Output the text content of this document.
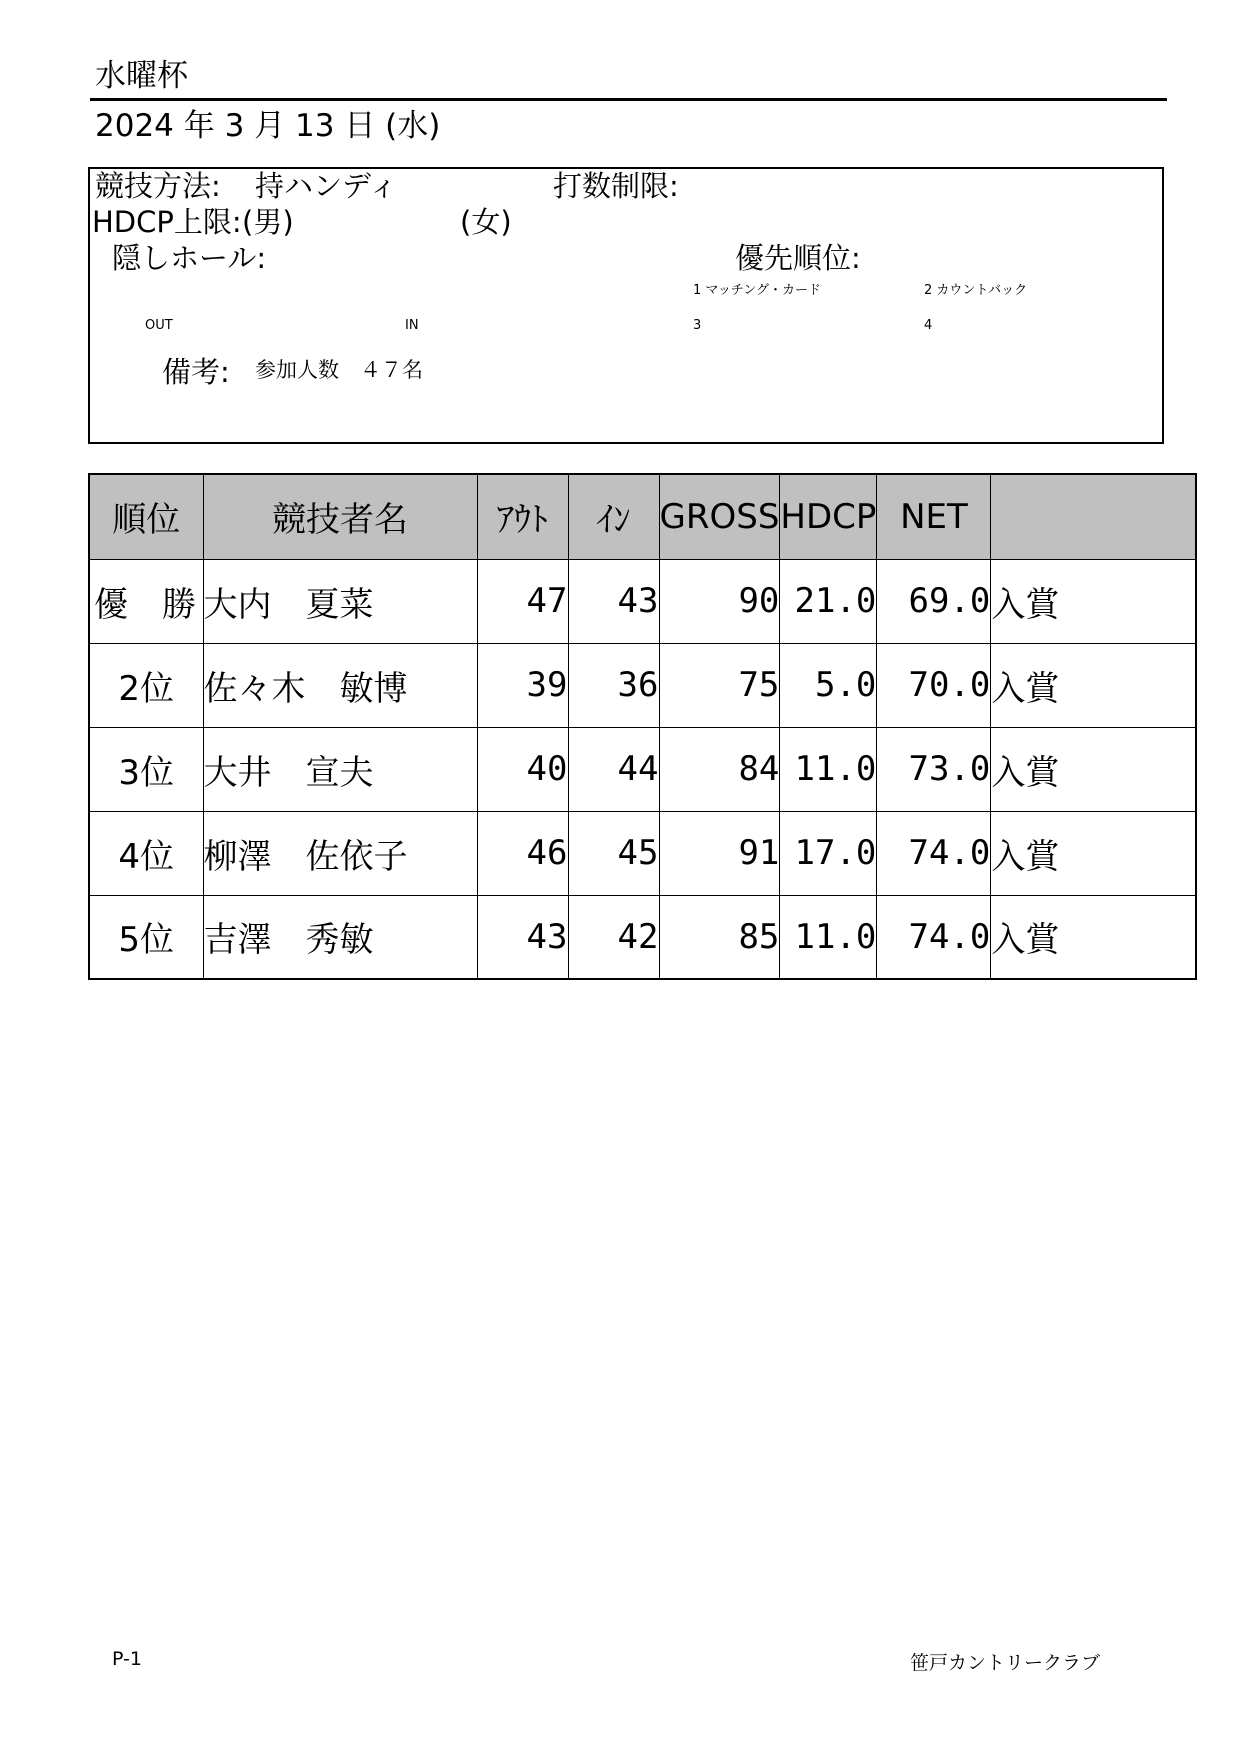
水曜杯
2024 年 3 月 13 日 (水)
競技方法: 持ハンディ	打数制限:
HDCP上限: (男)	(女)
隠しホール:	優先順位:
1 マッチング・カード	2 カウントバック
OUT	IN	3	4
備考: 参加人数　４７名
順位	競技者名	ｱｳﾄ	ｲﾝ	GROSS	HDCP	NET	
優　勝	大内　夏菜	47	43	90	21.0	69.0	入賞
2位	佐々木　敏博	39	36	75	5.0	70.0	入賞
3位	大井　宣夫	40	44	84	11.0	73.0	入賞
4位	柳澤　佐依子	46	45	91	17.0	74.0	入賞
5位	吉澤　秀敏	43	42	85	11.0	74.0	入賞
P-1	笹戸カントリークラブ
